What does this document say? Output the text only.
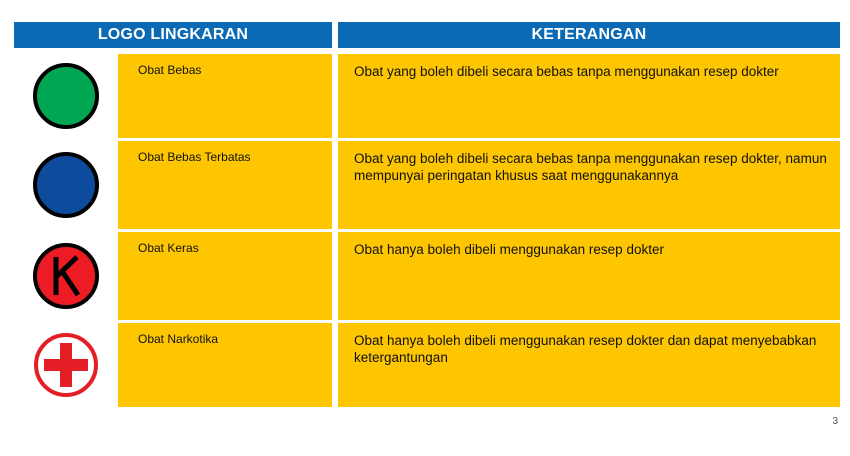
LOGO LINGKARAN	KETERANGAN
Obat Bebas	Obat yang boleh dibeli secara bebas tanpa menggunakan resep dokter
Obat Bebas Terbatas	Obat yang boleh dibeli secara bebas tanpa menggunakan resep dokter, namun mempunyai peringatan khusus saat menggunakannya
Obat Keras	Obat hanya boleh dibeli menggunakan resep dokter
Obat Narkotika	Obat hanya boleh dibeli menggunakan resep dokter dan dapat menyebabkan ketergantungan
3
